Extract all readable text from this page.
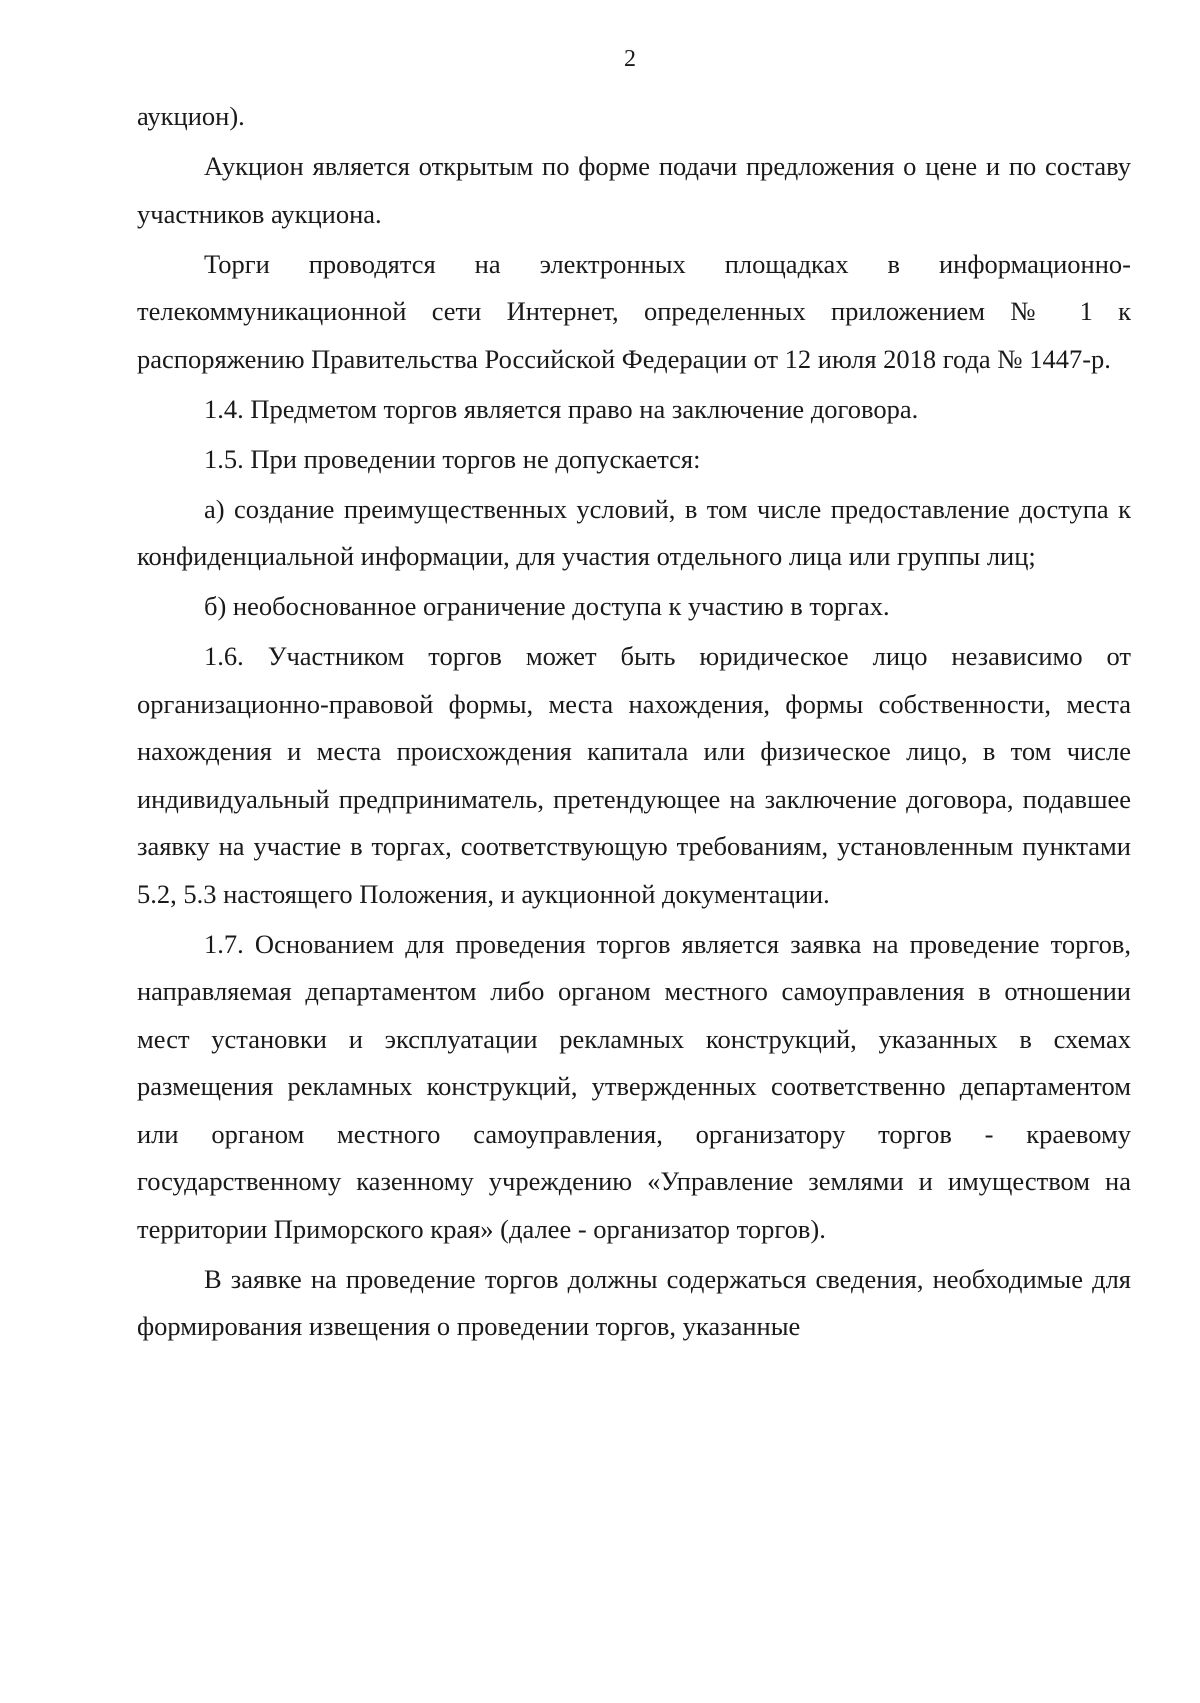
2

аукцион).

Аукцион является открытым по форме подачи предложения о цене и по составу участников аукциона.

Торги проводятся на электронных площадках в информационно-телекоммуникационной сети Интернет, определенных приложением № 1 к распоряжению Правительства Российской Федерации от 12 июля 2018 года № 1447-р.

1.4. Предметом торгов является право на заключение договора.

1.5. При проведении торгов не допускается:

а) создание преимущественных условий, в том числе предоставление доступа к конфиденциальной информации, для участия отдельного лица или группы лиц;

б) необоснованное ограничение доступа к участию в торгах.

1.6. Участником торгов может быть юридическое лицо независимо от организационно-правовой формы, места нахождения, формы собственности, места нахождения и места происхождения капитала или физическое лицо, в том числе индивидуальный предприниматель, претендующее на заключение договора, подавшее заявку на участие в торгах, соответствующую требованиям, установленным пунктами 5.2, 5.3 настоящего Положения, и аукционной документации.

1.7. Основанием для проведения торгов является заявка на проведение торгов, направляемая департаментом либо органом местного самоуправления в отношении мест установки и эксплуатации рекламных конструкций, указанных в схемах размещения рекламных конструкций, утвержденных соответственно департаментом или органом местного самоуправления, организатору торгов - краевому государственному казенному учреждению «Управление землями и имуществом на территории Приморского края» (далее - организатор торгов).

В заявке на проведение торгов должны содержаться сведения, необходимые для формирования извещения о проведении торгов, указанные
